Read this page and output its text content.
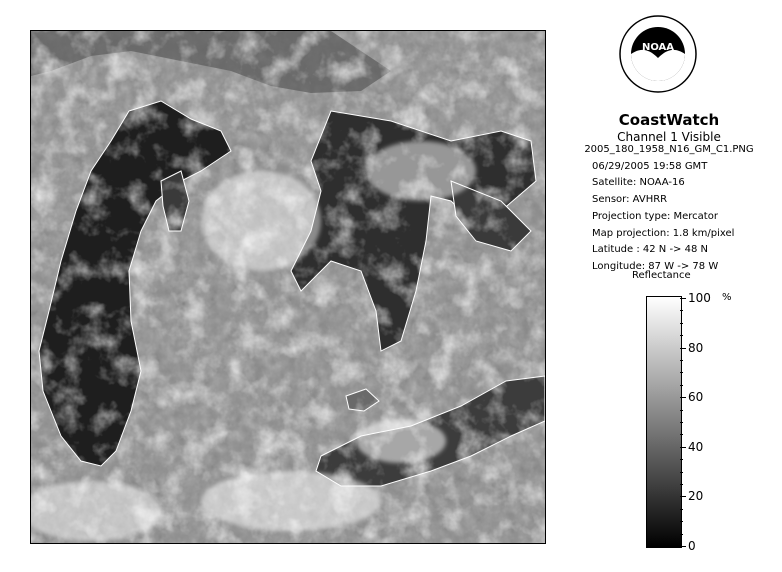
NOAA
CoastWatch
Channel 1 Visible
2005_180_1958_N16_GM_C1.PNG
06/29/2005 19:58 GMT
Satellite: NOAA-16
Sensor: AVHRR
Projection type: Mercator
Map projection: 1.8 km/pixel
Latitude : 42 N -> 48 N
Longitude: 87 W -> 78 W
Reflectance
%
100
80
60
40
20
0
